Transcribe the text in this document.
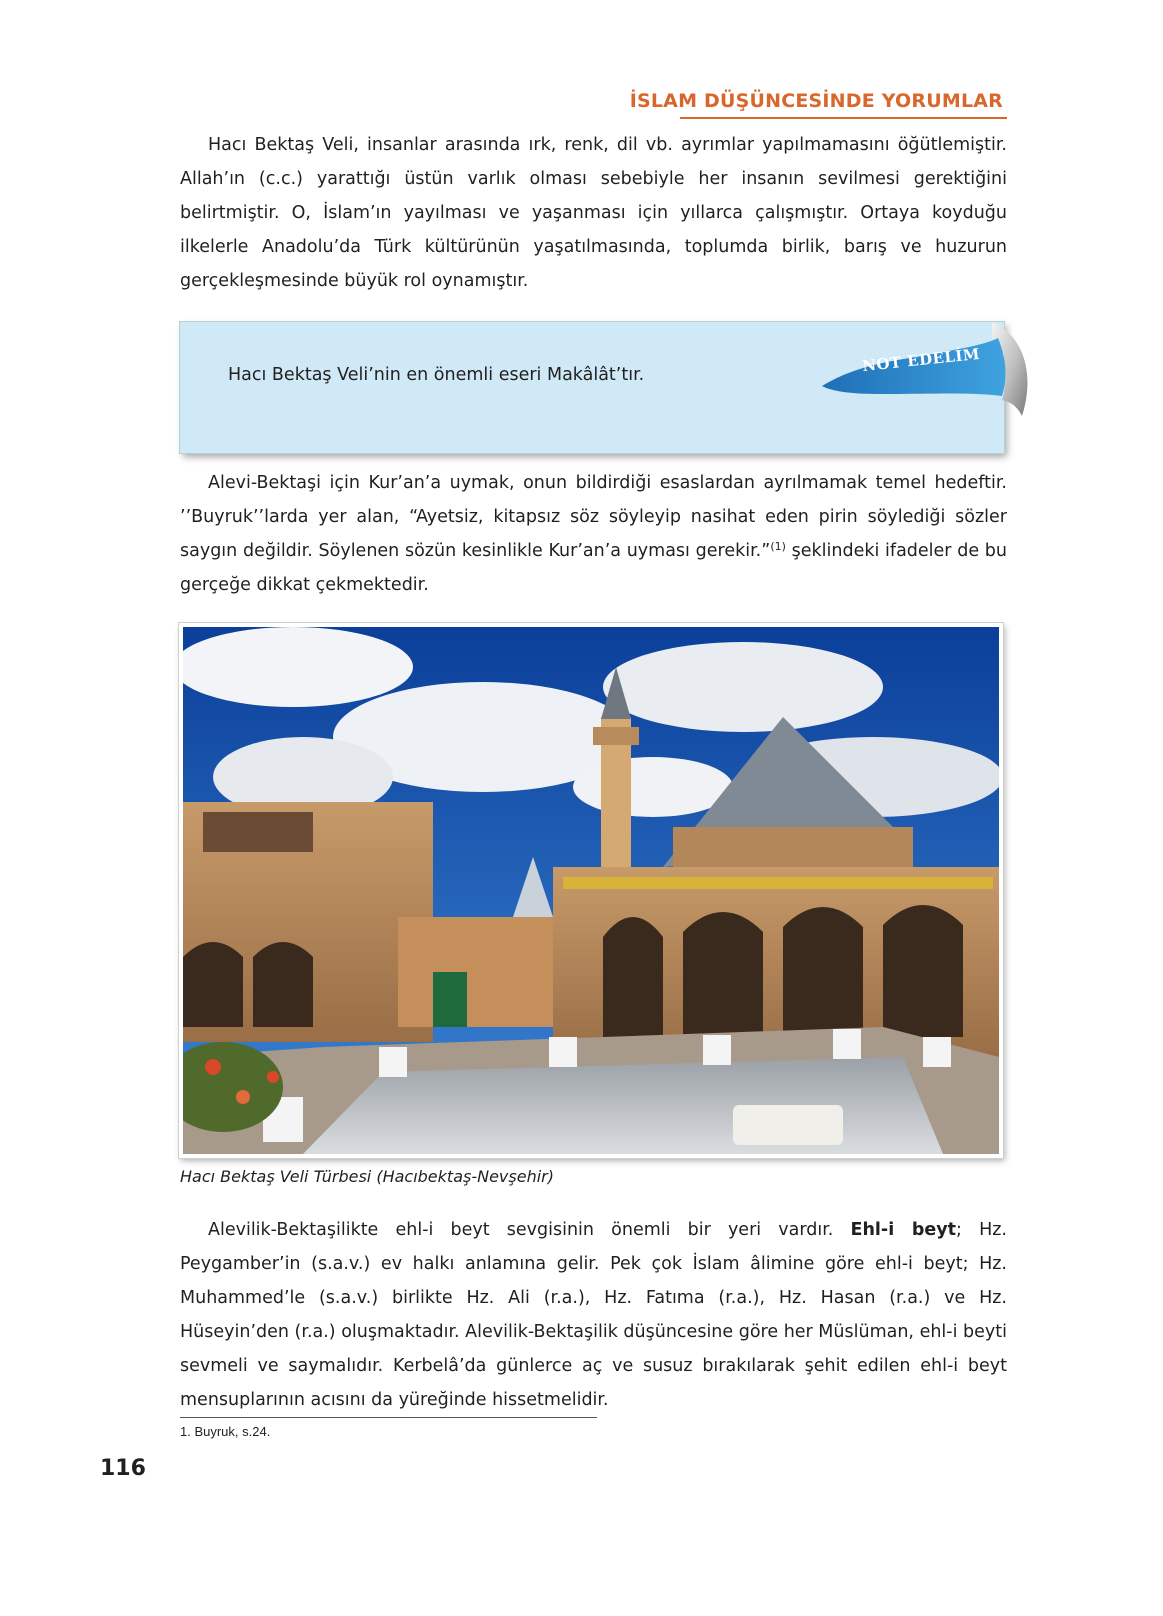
İSLAM DÜŞÜNCESİNDE YORUMLAR

Hacı Bektaş Veli, insanlar arasında ırk, renk, dil vb. ayrımlar yapılmamasını öğütlemiştir. Allah’ın (c.c.) yarattığı üstün varlık olması sebebiyle her insanın sevilmesi gerektiğini belirtmiştir. O, İslam’ın yayılması ve yaşanması için yıllarca çalışmıştır. Ortaya koyduğu ilkelerle Anadolu’da Türk kültürünün yaşatılmasında, toplumda birlik, barış ve huzurun gerçekleşmesinde büyük rol oynamıştır.

Hacı Bektaş Veli’nin en önemli eseri Makâlât’tır.	NOT EDELİM

Alevi-Bektaşi için Kur’an’a uymak, onun bildirdiği esaslardan ayrılmamak temel hedeftir. ’’Buyruk’’larda yer alan, “Ayetsiz, kitapsız söz söyleyip nasihat eden pirin söylediği sözler saygın değildir. Söylenen sözün kesinlikle Kur’an’a uyması gerekir.”$^{(1)}$ şeklindeki ifadeler de bu gerçeğe dikkat çekmektedir.

Hacı Bektaş Veli Türbesi (Hacıbektaş-Nevşehir)

Alevilik-Bektaşilikte ehl-i beyt sevgisinin önemli bir yeri vardır. Ehl-i beyt; Hz. Peygamber’in (s.a.v.) ev halkı anlamına gelir. Pek çok İslam âlimine göre ehl-i beyt; Hz. Muhammed’le (s.a.v.) birlikte Hz. Ali (r.a.), Hz. Fatıma (r.a.), Hz. Hasan (r.a.) ve Hz. Hüseyin’den (r.a.) oluşmaktadır. Alevilik-Bektaşilik düşüncesine göre her Müslüman, ehl-i beyti sevmeli ve saymalıdır. Kerbelâ’da günlerce aç ve susuz bırakılarak şehit edilen ehl-i beyt mensuplarının acısını da yüreğinde hissetmelidir.

1. Buyruk, s.24.
116
